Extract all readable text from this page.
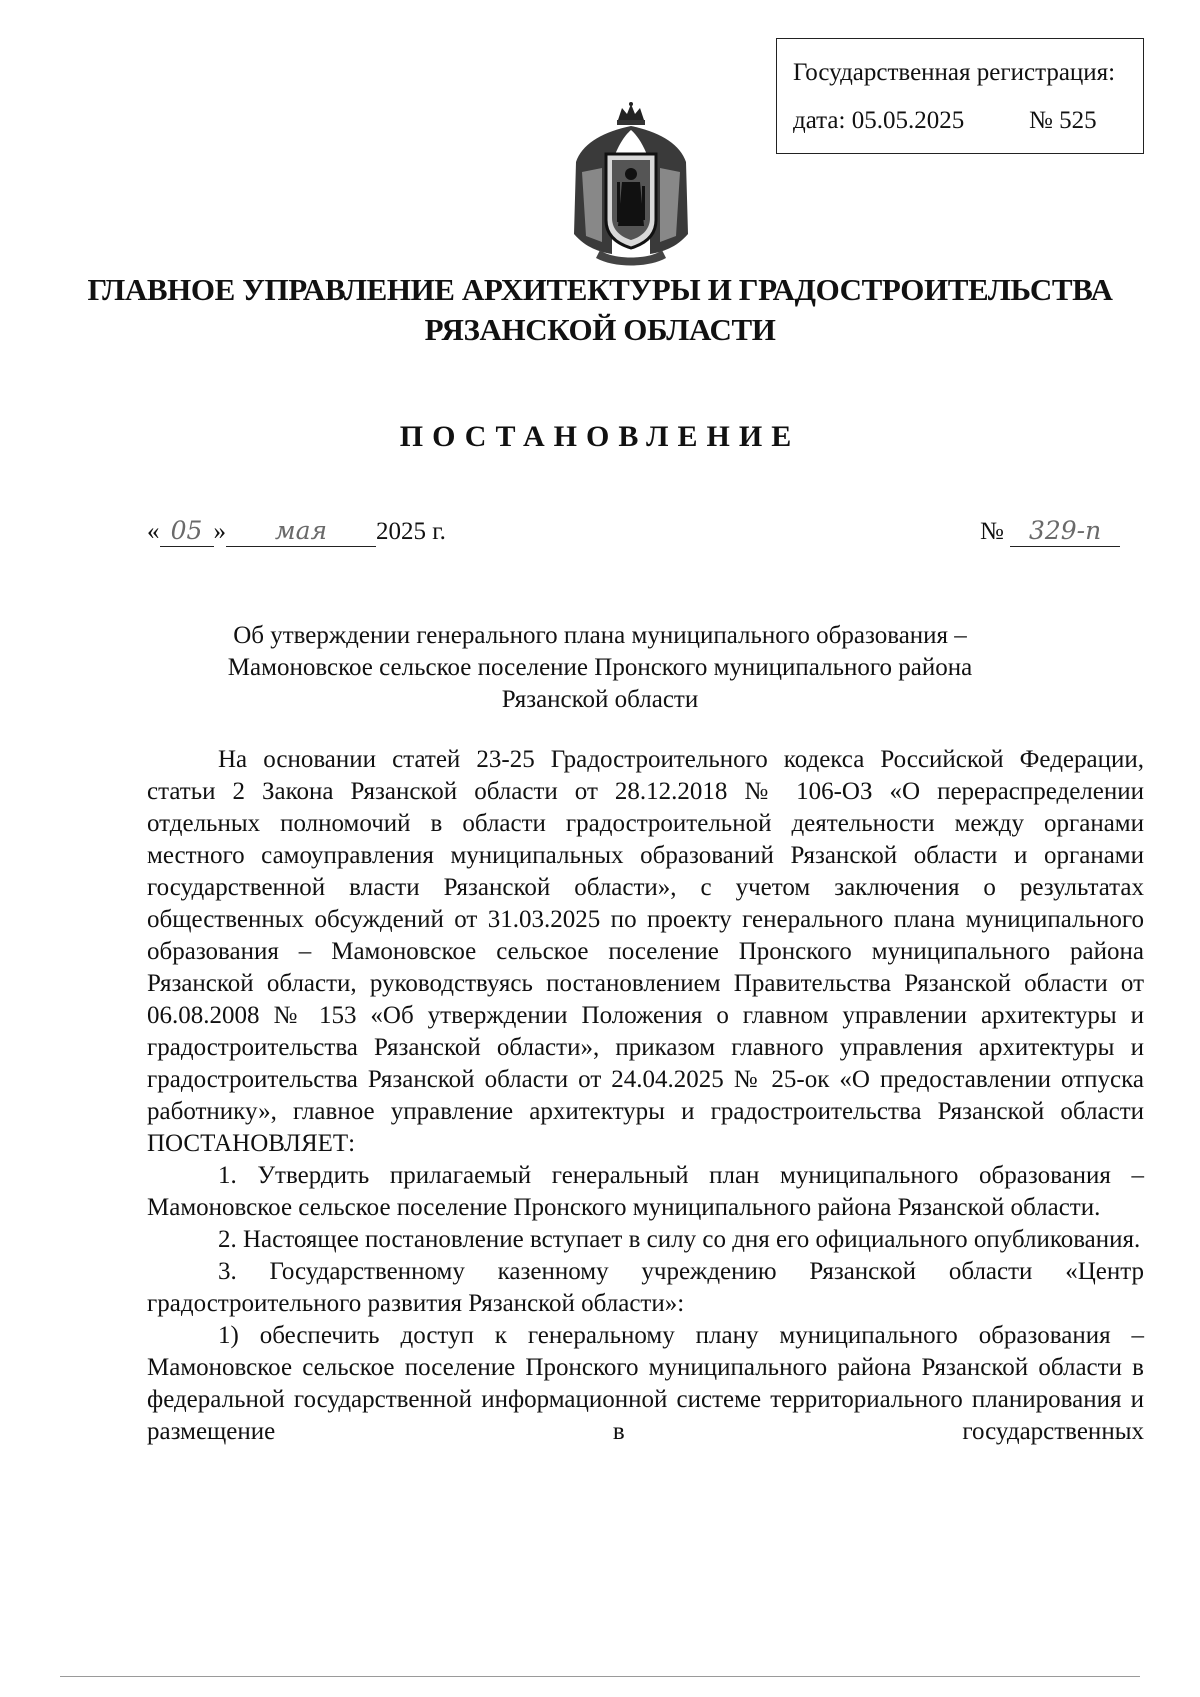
Государственная регистрация:
дата: 05.05.2025	№ 525
ГЛАВНОЕ УПРАВЛЕНИЕ АРХИТЕКТУРЫ И ГРАДОСТРОИТЕЛЬСТВА
РЯЗАНСКОЙ ОБЛАСТИ
ПОСТАНОВЛЕНИЕ
« 05 » мая 2025 г.	№ 329-п
Об утверждении генерального плана муниципального образования –
Мамоновское сельское поселение Пронского муниципального района
Рязанской области

На основании статей 23-25 Градостроительного кодекса Российской Федерации, статьи 2 Закона Рязанской области от 28.12.2018 № 106-ОЗ «О перераспределении отдельных полномочий в области градостроительной деятельности между органами местного самоуправления муниципальных образований Рязанской области и органами государственной власти Рязанской области», с учетом заключения о результатах общественных обсуждений от 31.03.2025 по проекту генерального плана муниципального образования – Мамоновское сельское поселение Пронского муниципального района Рязанской области, руководствуясь постановлением Правительства Рязанской области от 06.08.2008 № 153 «Об утверждении Положения о главном управлении архитектуры и градостроительства Рязанской области», приказом главного управления архитектуры и градостроительства Рязанской области от 24.04.2025 № 25-ок «О предоставлении отпуска работнику», главное управление архитектуры и градостроительства Рязанской области ПОСТАНОВЛЯЕТ:

1. Утвердить прилагаемый генеральный план муниципального образования – Мамоновское сельское поселение Пронского муниципального района Рязанской области.

2. Настоящее постановление вступает в силу со дня его официального опубликования.

3. Государственному казенному учреждению Рязанской области «Центр градостроительного развития Рязанской области»:

1) обеспечить доступ к генеральному плану муниципального образования – Мамоновское сельское поселение Пронского муниципального района Рязанской области в федеральной государственной информационной системе территориального планирования и размещение в государственных
